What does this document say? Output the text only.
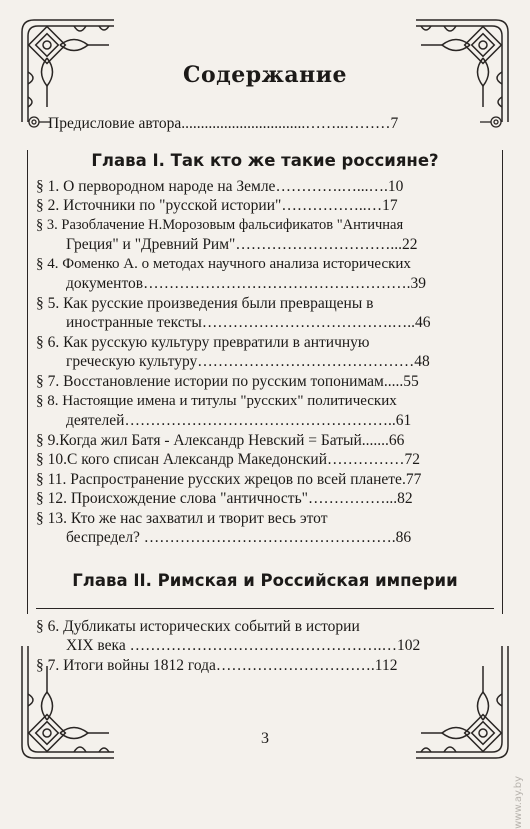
Содержание
Предисловие автора................................……..………7
Глава I. Так кто же такие россияне?
§ 1. О первородном народе на Земле………….…...….10
§ 2. Источники по "русской истории"……………..…17
§ 3. Разоблачение Н.Морозовым фальсификатов "Античная
Греция" и "Древний Рим"…………………………...22
§ 4. Фоменко А. о методах научного анализа исторических
документов…………………………………………….39
§ 5. Как русские произведения были превращены в
иностранные тексты……………………………….…..46
§ 6. Как русскую культуру превратили в античную
греческую культуру……………………………………48
§ 7. Восстановление истории по русским топонимам.....55
§ 8. Настоящие имена и титулы "русских" политических
деятелей……………………………………………..61
§ 9.Когда жил Батя - Александр Невский = Батый.......66
§ 10.С кого списан Александр Македонский……………72
§ 11. Распространение русских жрецов по всей планете.77
§ 12. Происхождение слова "античность"……………...82
§ 13. Кто же нас захватил и творит весь этот
беспредел? ………………………………………….86
Глава II. Римская и Российская империи
§ 6. Дубликаты исторических событий в истории
XIX века ………………………………………….…102
§ 7. Итоги войны 1812 года………………………….112
3
www.ay.by
